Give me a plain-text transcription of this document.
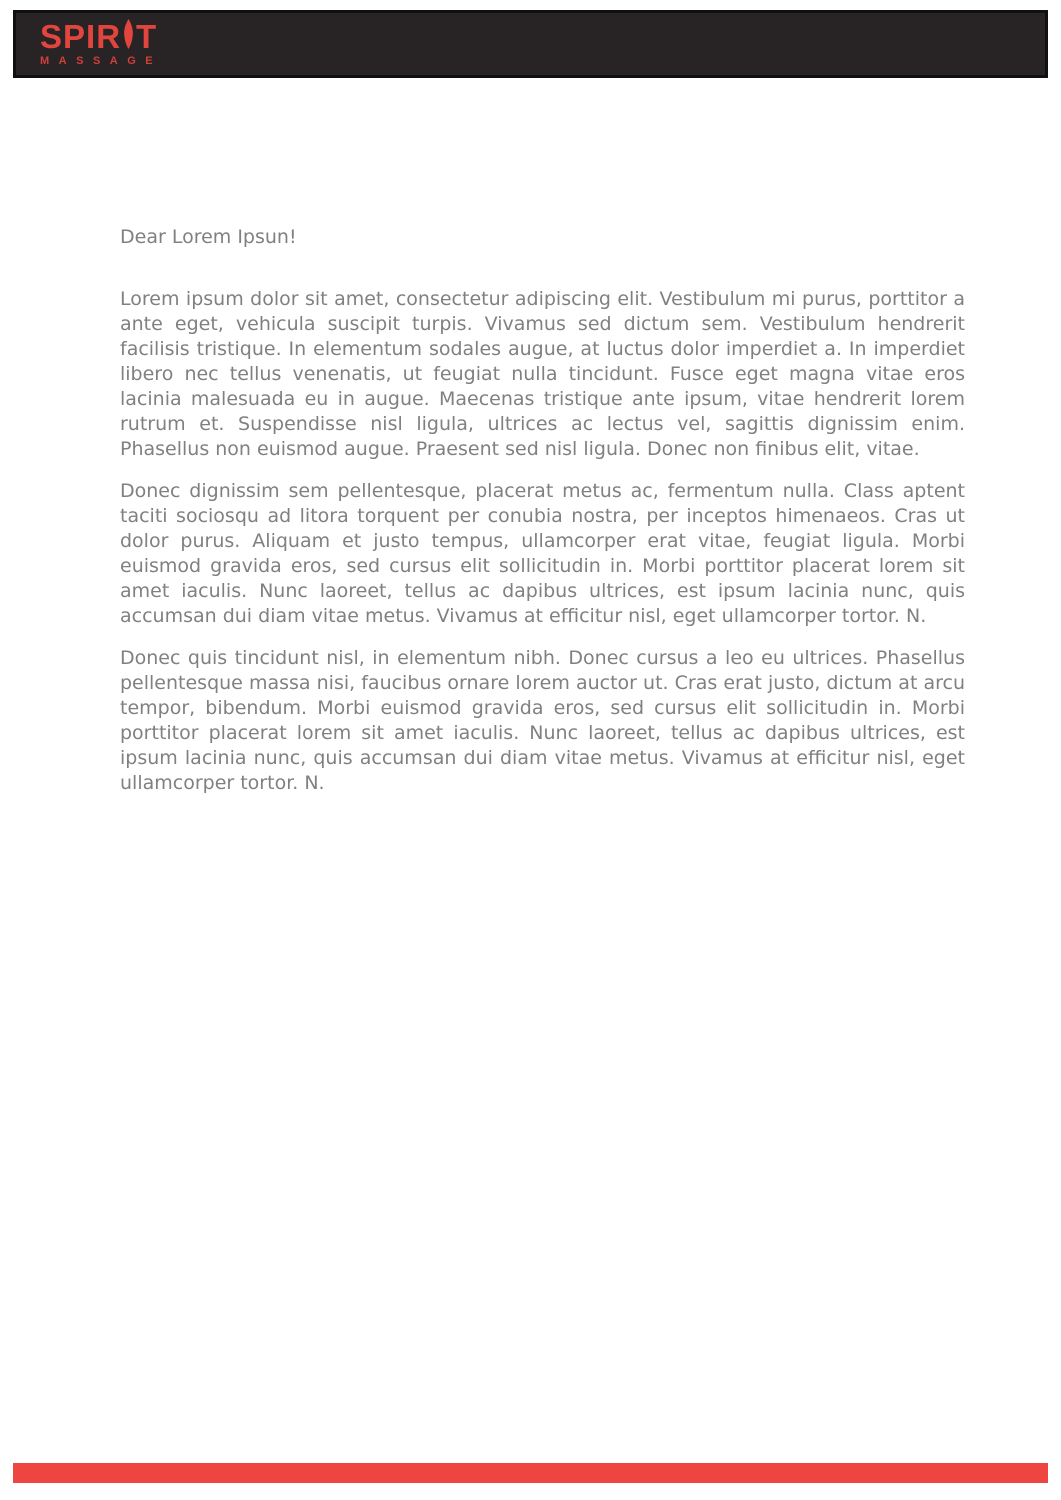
SPIR T
MASSAGE

Dear Lorem Ipsun!

Lorem ipsum dolor sit amet, consectetur adipiscing elit. Vestibulum mi purus, porttitor a ante eget, vehicula suscipit turpis. Vivamus sed dictum sem. Vestibulum hendrerit facilisis tristique. In elementum sodales augue, at luctus dolor imperdiet a. In imperdiet libero nec tellus venenatis, ut feugiat nulla tincidunt. Fusce eget magna vitae eros lacinia malesuada eu in augue. Maecenas tristique ante ipsum, vitae hendrerit lorem rutrum et. Suspendisse nisl ligula, ultrices ac lectus vel, sagittis dignissim enim. Phasellus non euismod augue. Praesent sed nisl ligula. Donec non finibus elit, vitae.

Donec dignissim sem pellentesque, placerat metus ac, fermentum nulla. Class aptent taciti sociosqu ad litora torquent per conubia nostra, per inceptos himenaeos. Cras ut dolor purus. Aliquam et justo tempus, ullamcorper erat vitae, feugiat ligula. Morbi euismod gravida eros, sed cursus elit sollicitudin in. Morbi porttitor placerat lorem sit amet iaculis. Nunc laoreet, tellus ac dapibus ultrices, est ipsum lacinia nunc, quis accumsan dui diam vitae metus. Vivamus at efficitur nisl, eget ullamcorper tortor. N.

Donec quis tincidunt nisl, in elementum nibh. Donec cursus a leo eu ultrices. Phasellus pellentesque massa nisi, faucibus ornare lorem auctor ut. Cras erat justo, dictum at arcu tempor, bibendum. Morbi euismod gravida eros, sed cursus elit sollicitudin in. Morbi porttitor placerat lorem sit amet iaculis. Nunc laoreet, tellus ac dapibus ultrices, est ipsum lacinia nunc, quis accumsan dui diam vitae metus. Vivamus at efficitur nisl, eget ullamcorper tortor. N.
